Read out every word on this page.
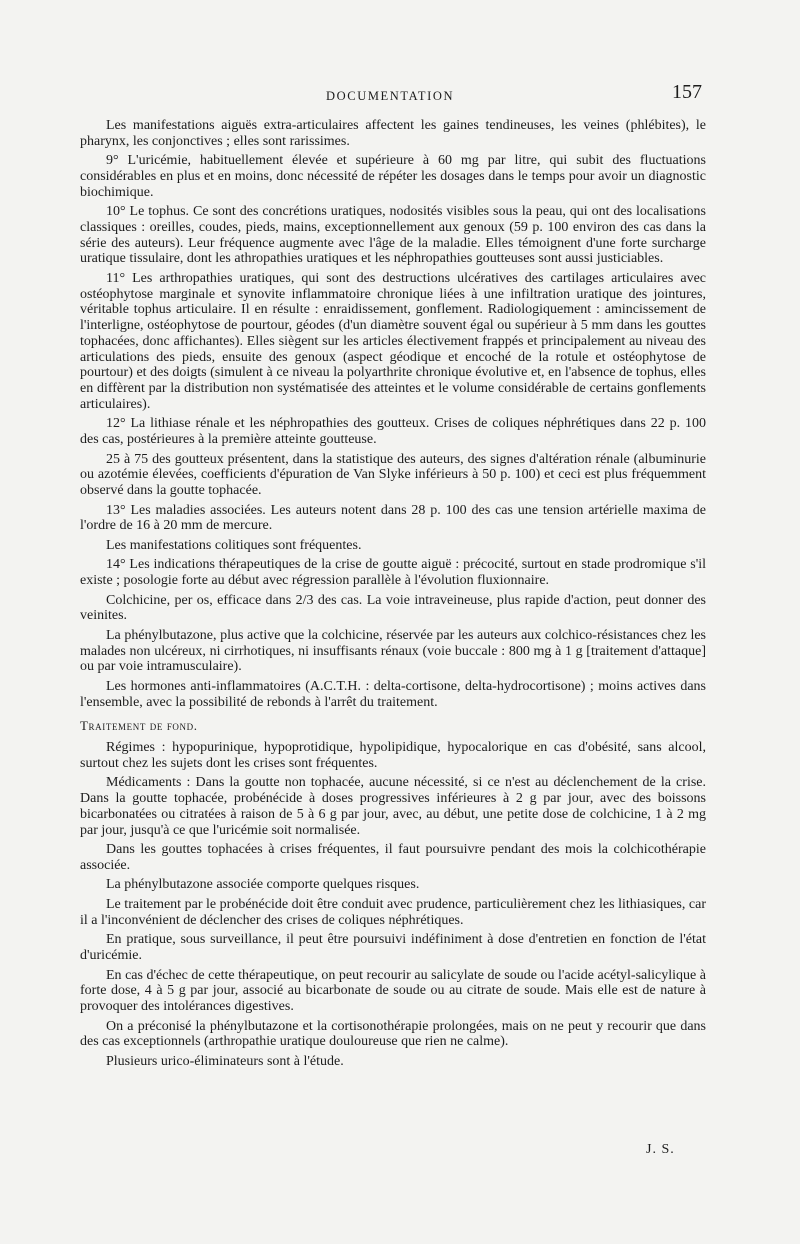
DOCUMENTATION	157

Les manifestations aiguës extra-articulaires affectent les gaines tendineuses, les veines (phlébites), le pharynx, les conjonctives ; elles sont rarissimes.

9° L'uricémie, habituellement élevée et supérieure à 60 mg par litre, qui subit des fluctuations considérables en plus et en moins, donc nécessité de répéter les dosages dans le temps pour avoir un diagnostic biochimique.

10° Le tophus. Ce sont des concrétions uratiques, nodosités visibles sous la peau, qui ont des localisations classiques : oreilles, coudes, pieds, mains, exceptionnellement aux genoux (59 p. 100 environ des cas dans la série des auteurs). Leur fréquence augmente avec l'âge de la maladie. Elles témoignent d'une forte surcharge uratique tissulaire, dont les athropathies uratiques et les néphropathies goutteuses sont aussi justiciables.

11° Les arthropathies uratiques, qui sont des destructions ulcératives des cartilages articulaires avec ostéophytose marginale et synovite inflammatoire chronique liées à une infiltration uratique des jointures, véritable tophus articulaire. Il en résulte : enraidissement, gonflement. Radiologiquement : amincissement de l'interligne, ostéophytose de pourtour, géodes (d'un diamètre souvent égal ou supérieur à 5 mm dans les gouttes tophacées, donc affichantes). Elles siègent sur les articles électivement frappés et principalement au niveau des articulations des pieds, ensuite des genoux (aspect géodique et encoché de la rotule et ostéophytose de pourtour) et des doigts (simulent à ce niveau la polyarthrite chronique évolutive et, en l'absence de tophus, elles en diffèrent par la distribution non systématisée des atteintes et le volume considérable de certains gonflements articulaires).

12° La lithiase rénale et les néphropathies des goutteux. Crises de coliques néphrétiques dans 22 p. 100 des cas, postérieures à la première atteinte goutteuse.

25 à 75 des goutteux présentent, dans la statistique des auteurs, des signes d'altération rénale (albuminurie ou azotémie élevées, coefficients d'épuration de Van Slyke inférieurs à 50 p. 100) et ceci est plus fréquemment observé dans la goutte tophacée.

13° Les maladies associées. Les auteurs notent dans 28 p. 100 des cas une tension artérielle maxima de l'ordre de 16 à 20 mm de mercure.

Les manifestations colitiques sont fréquentes.

14° Les indications thérapeutiques de la crise de goutte aiguë : précocité, surtout en stade prodromique s'il existe ; posologie forte au début avec régression parallèle à l'évolution fluxionnaire.

Colchicine, per os, efficace dans 2/3 des cas. La voie intraveineuse, plus rapide d'action, peut donner des veinites.

La phénylbutazone, plus active que la colchicine, réservée par les auteurs aux colchico-résistances chez les malades non ulcéreux, ni cirrhotiques, ni insuffisants rénaux (voie buccale : 800 mg à 1 g [traitement d'attaque] ou par voie intramusculaire).

Les hormones anti-inflammatoires (A.C.T.H. : delta-cortisone, delta-hydrocortisone) ; moins actives dans l'ensemble, avec la possibilité de rebonds à l'arrêt du traitement.

Traitement de fond.

Régimes : hypopurinique, hypoprotidique, hypolipidique, hypocalorique en cas d'obésité, sans alcool, surtout chez les sujets dont les crises sont fréquentes.

Médicaments : Dans la goutte non tophacée, aucune nécessité, si ce n'est au déclenchement de la crise. Dans la goutte tophacée, probénécide à doses progressives inférieures à 2 g par jour, avec des boissons bicarbonatées ou citratées à raison de 5 à 6 g par jour, avec, au début, une petite dose de colchicine, 1 à 2 mg par jour, jusqu'à ce que l'uricémie soit normalisée.

Dans les gouttes tophacées à crises fréquentes, il faut poursuivre pendant des mois la colchicothérapie associée.

La phénylbutazone associée comporte quelques risques.

Le traitement par le probénécide doit être conduit avec prudence, particulièrement chez les lithiasiques, car il a l'inconvénient de déclencher des crises de coliques néphrétiques.

En pratique, sous surveillance, il peut être poursuivi indéfiniment à dose d'entretien en fonction de l'état d'uricémie.

En cas d'échec de cette thérapeutique, on peut recourir au salicylate de soude ou l'acide acétyl-salicylique à forte dose, 4 à 5 g par jour, associé au bicarbonate de soude ou au citrate de soude. Mais elle est de nature à provoquer des intolérances digestives.

On a préconisé la phénylbutazone et la cortisonothérapie prolongées, mais on ne peut y recourir que dans des cas exceptionnels (arthropathie uratique douloureuse que rien ne calme).

Plusieurs urico-éliminateurs sont à l'étude.

J. S.
